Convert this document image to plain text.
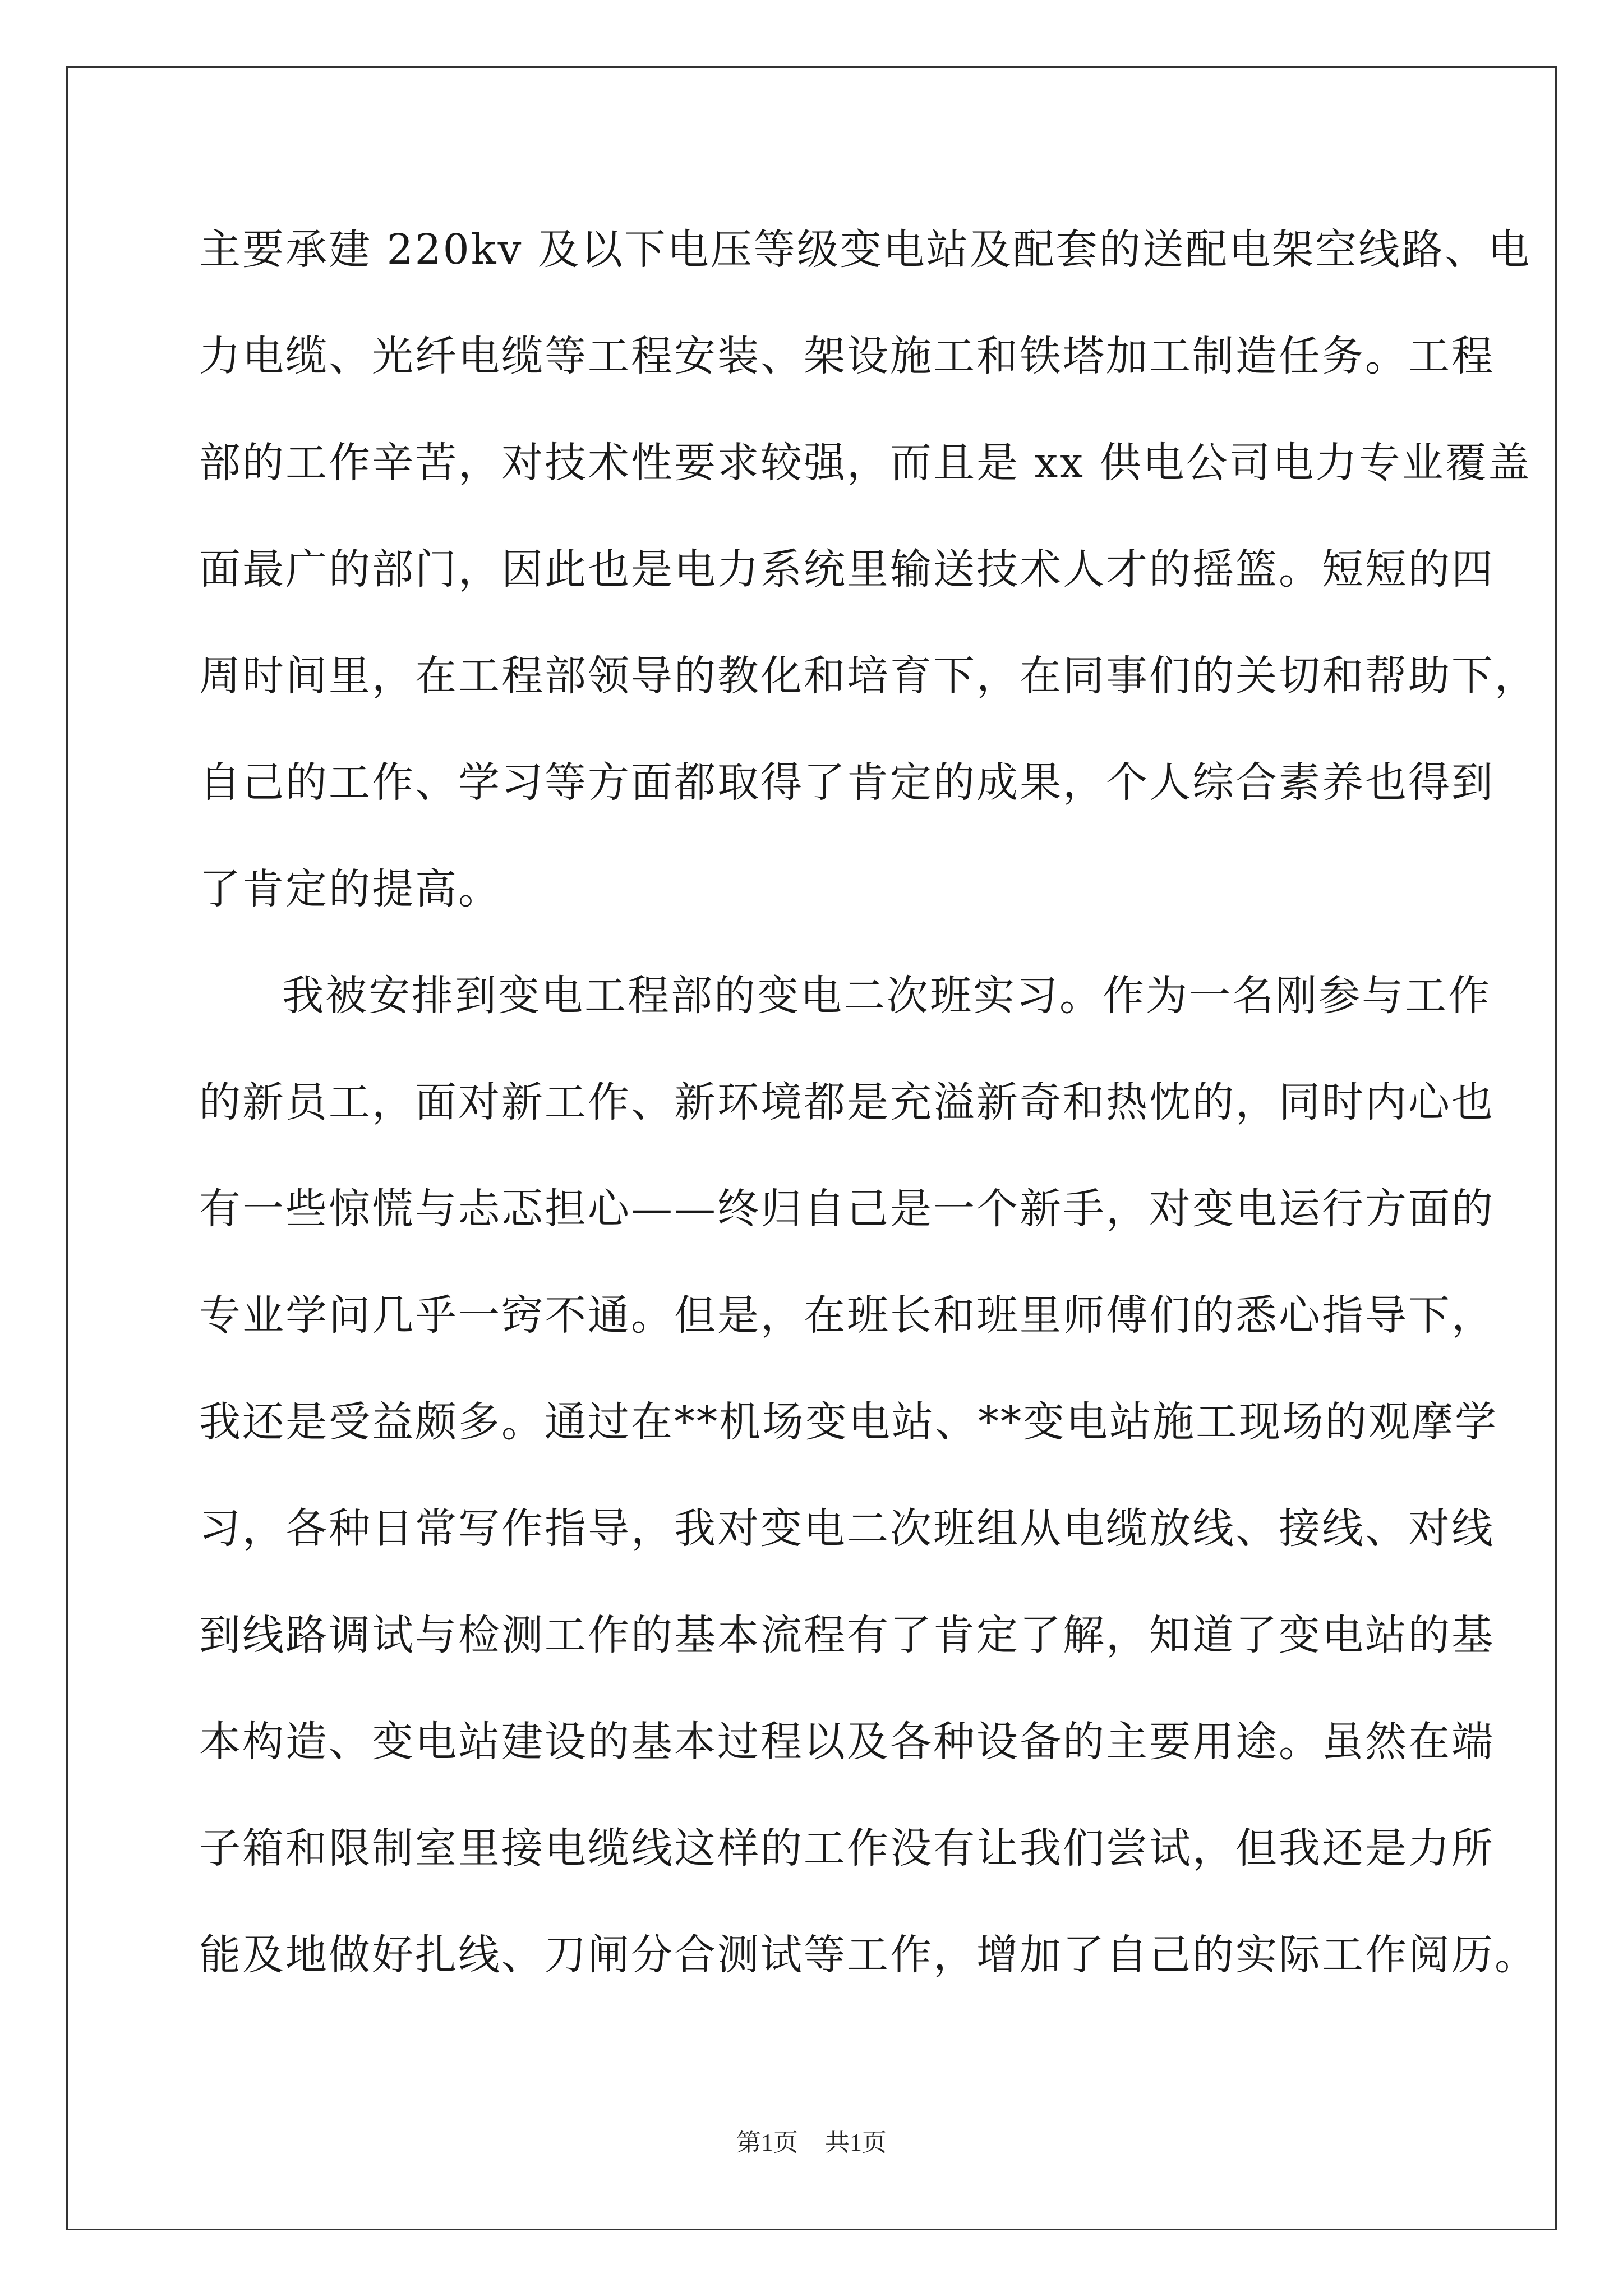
主要承建 220kv 及以下电压等级变电站及配套的送配电架空线路、电
力电缆、光纤电缆等工程安装、架设施工和铁塔加工制造任务。工程
部的工作辛苦，对技术性要求较强，而且是 xx 供电公司电力专业覆盖
面最广的部门，因此也是电力系统里输送技术人才的摇篮。短短的四
周时间里，在工程部领导的教化和培育下，在同事们的关切和帮助下，
自己的工作、学习等方面都取得了肯定的成果，个人综合素养也得到
了肯定的提高。
我被安排到变电工程部的变电二次班实习。作为一名刚参与工作
的新员工，面对新工作、新环境都是充溢新奇和热忱的，同时内心也
有一些惊慌与忐忑担心——终归自己是一个新手，对变电运行方面的
专业学问几乎一窍不通。但是，在班长和班里师傅们的悉心指导下，
我还是受益颇多。通过在**机场变电站、**变电站施工现场的观摩学
习，各种日常写作指导，我对变电二次班组从电缆放线、接线、对线
到线路调试与检测工作的基本流程有了肯定了解，知道了变电站的基
本构造、变电站建设的基本过程以及各种设备的主要用途。虽然在端
子箱和限制室里接电缆线这样的工作没有让我们尝试，但我还是力所
能及地做好扎线、刀闸分合测试等工作，增加了自己的实际工作阅历。
第1页 共1页
